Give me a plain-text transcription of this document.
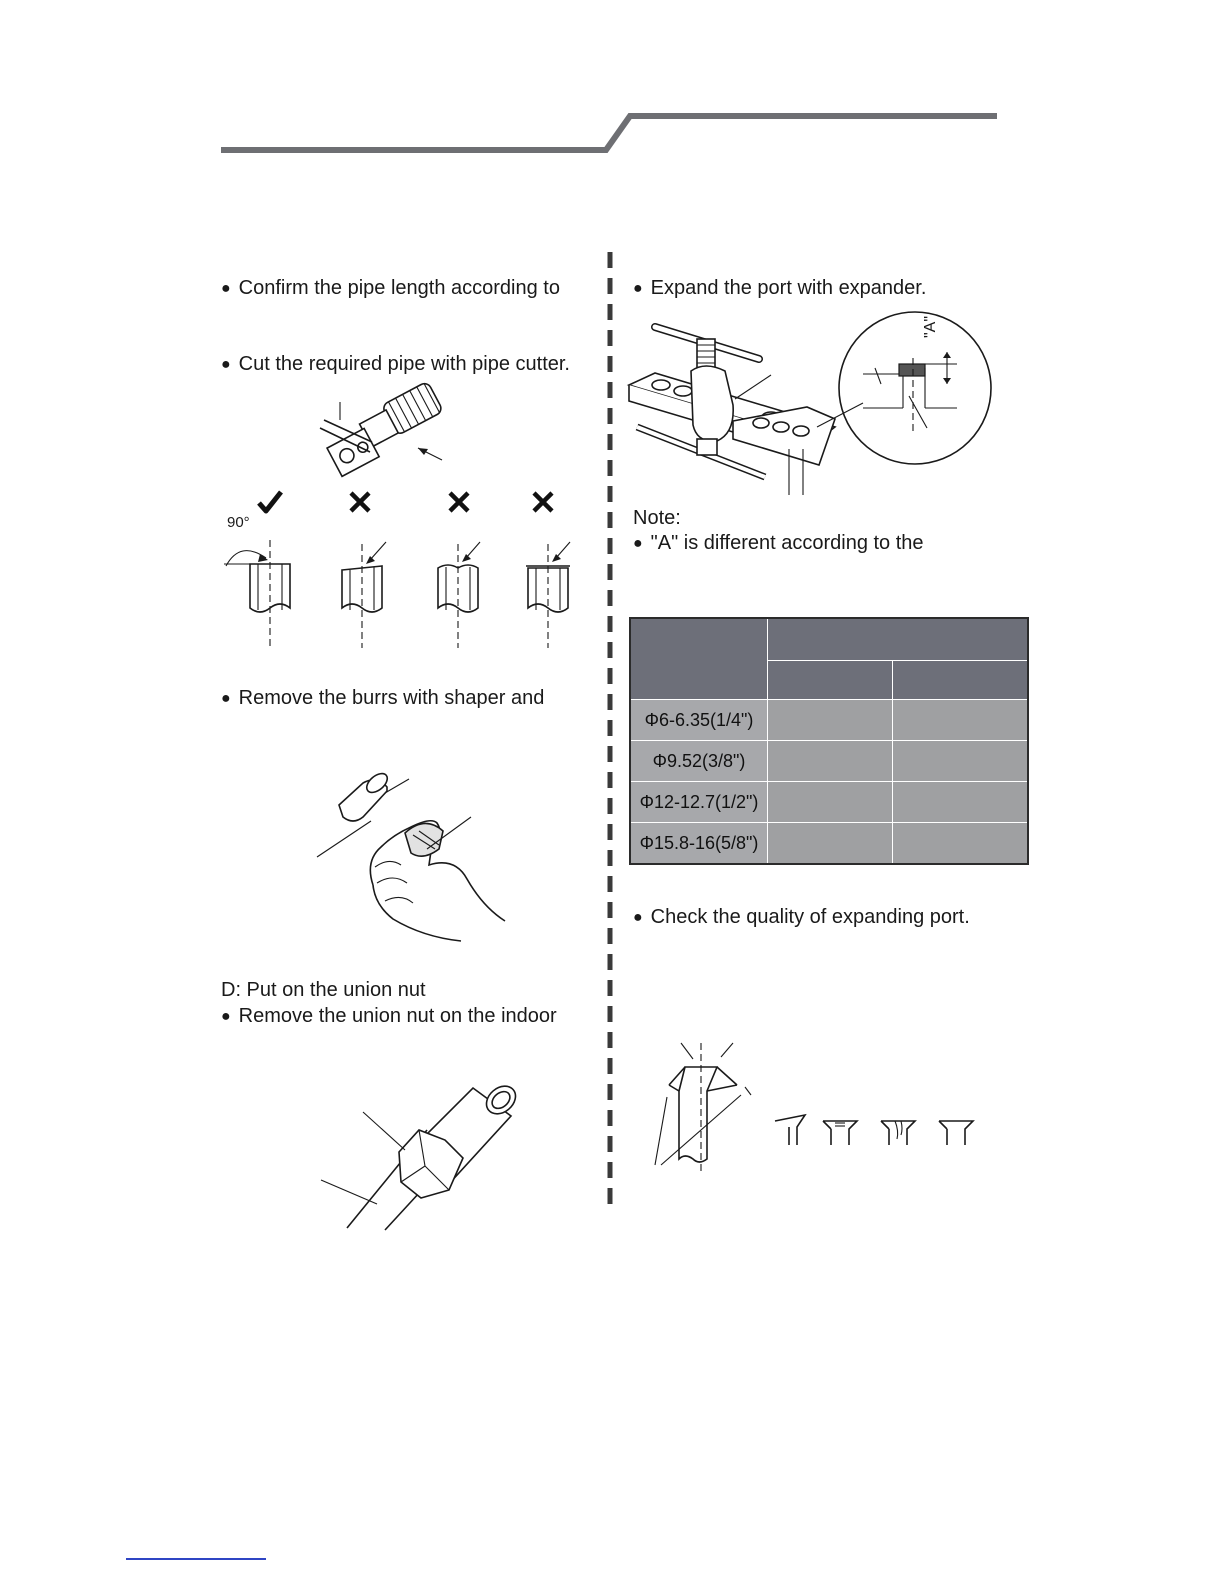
● Confirm the pipe length according to
● Cut the required pipe with pipe cutter.
● Remove the burrs with shaper and
D: Put on the union nut
● Remove the union nut on the indoor
90°
● Expand the port with expander.
Note:
● "A" is different according to the
● Check the quality of expanding port.
"A"

Φ6-6.35(1/4")		
Φ9.52(3/8")		
Φ12-12.7(1/2")		
Φ15.8-16(5/8")		
